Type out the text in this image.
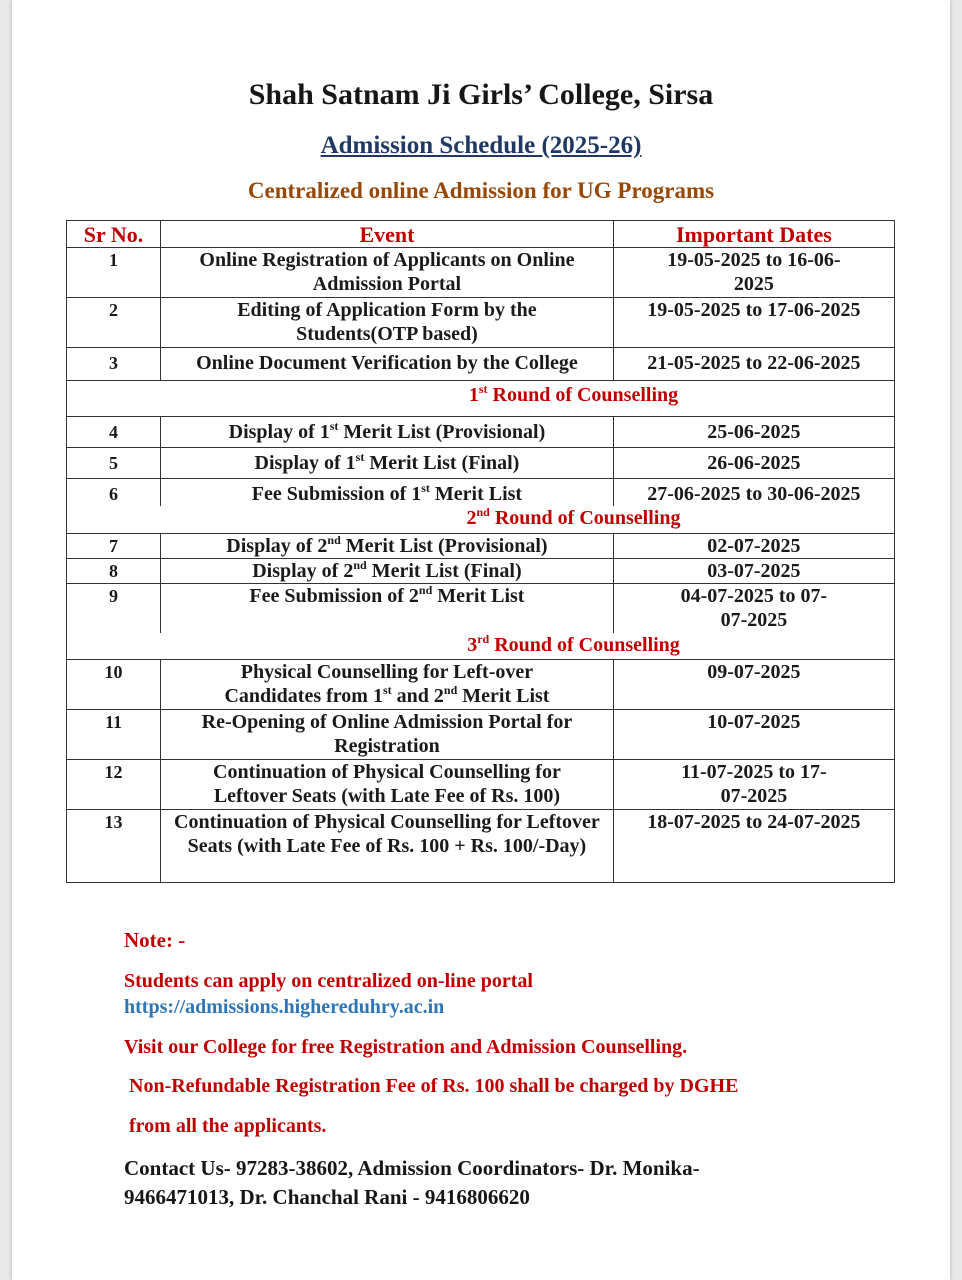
Shah Satnam Ji Girls’ College, Sirsa
Admission Schedule (2025-26)
Centralized online Admission for UG Programs
Sr No.	Event	Important Dates
1	Online Registration of Applicants on Online Admission Portal	19-05-2025 to 16-06-2025
2	Editing of Application Form by the Students(OTP based)	19-05-2025 to 17-06-2025
3	Online Document Verification by the College	21-05-2025 to 22-06-2025
1st Round of Counselling		
4	Display of 1st Merit List (Provisional)	25-06-2025
5	Display of 1st Merit List (Final)	26-06-2025
6	Fee Submission of 1st Merit List	27-06-2025 to 30-06-2025
2nd Round of Counselling		
7	Display of 2nd Merit List (Provisional)	02-07-2025
8	Display of 2nd Merit List (Final)	03-07-2025
9	Fee Submission of 2nd Merit List	04-07-2025 to 07-07-2025
3rd Round of Counselling		
10	Physical Counselling for Left-over Candidates from 1st and 2nd Merit List	09-07-2025
11	Re-Opening of Online Admission Portal for Registration	10-07-2025
12	Continuation of Physical Counselling for Leftover Seats (with Late Fee of Rs. 100)	11-07-2025 to 17-07-2025
13	Continuation of Physical Counselling for Leftover Seats (with Late Fee of Rs. 100 + Rs. 100/-Day)	18-07-2025 to 24-07-2025
Note: -
Students can apply on centralized on-line portal
https://admissions.highereduhry.ac.in
Visit our College for free Registration and Admission Counselling.
Non-Refundable Registration Fee of Rs. 100 shall be charged by DGHE
from all the applicants.
Contact Us- 97283-38602, Admission Coordinators- Dr. Monika-
9466471013, Dr. Chanchal Rani - 9416806620
